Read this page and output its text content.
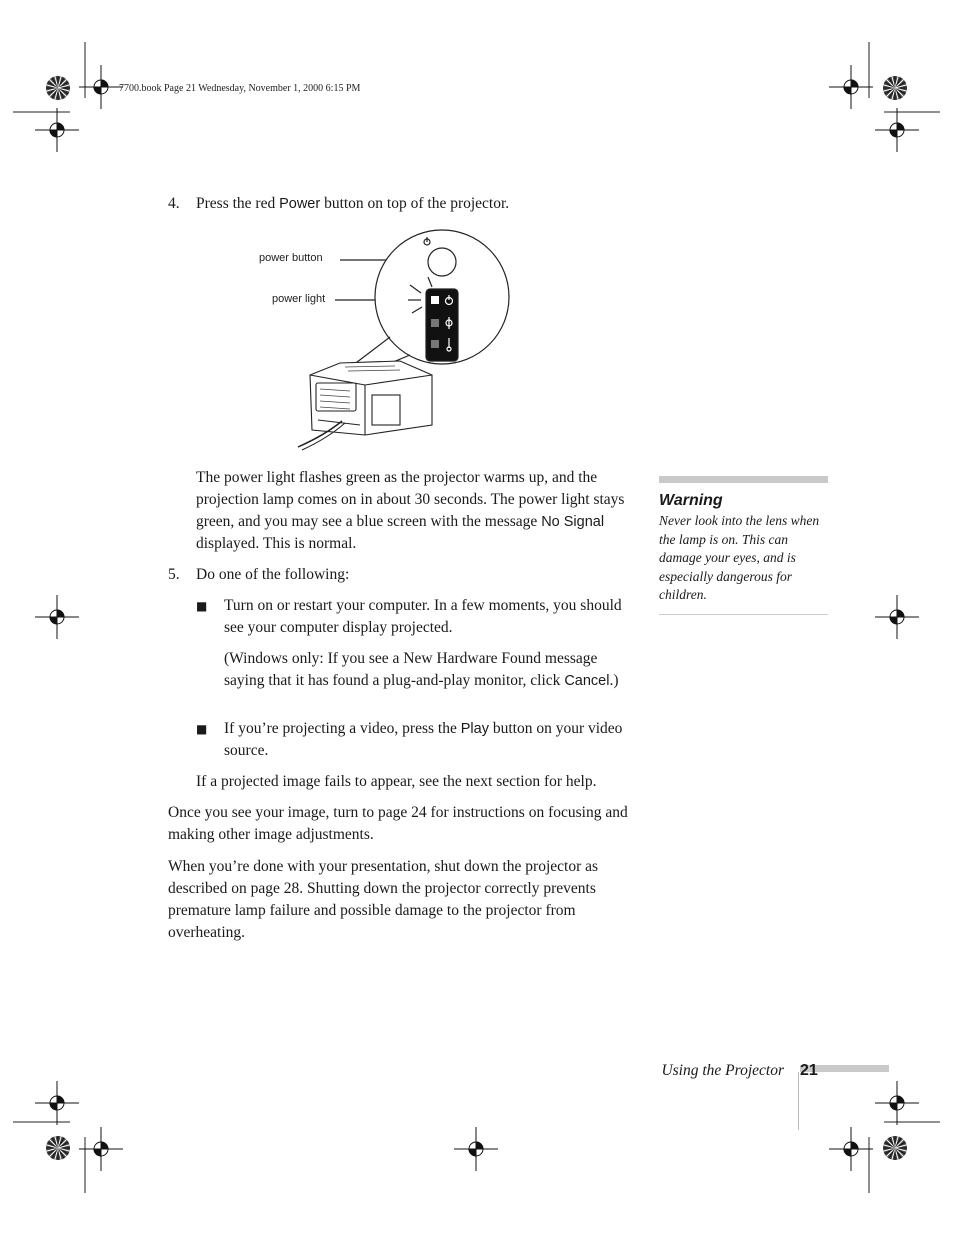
7700.book Page 21 Wednesday, November 1, 2000 6:15 PM
4. Press the red Power button on top of the projector.
power button
power light

The power light flashes green as the projector warms up, and the projection lamp comes on in about 30 seconds. The power light stays green, and you may see a blue screen with the message No Signal displayed. This is normal.

5. Do one of the following:
■ Turn on or restart your computer. In a few moments, you should see your computer display projected.

(Windows only: If you see a New Hardware Found message saying that it has found a plug-and-play monitor, click Cancel.)

■ If you’re projecting a video, press the Play button on your video source.

If a projected image fails to appear, see the next section for help.

Once you see your image, turn to page 24 for instructions on focusing and making other image adjustments.

When you’re done with your presentation, shut down the projector as described on page 28. Shutting down the projector correctly prevents premature lamp failure and possible damage to the projector from overheating.

Warning
Never look into the lens when the lamp is on. This can damage your eyes, and is especially dangerous for children.
Using the Projector 21
